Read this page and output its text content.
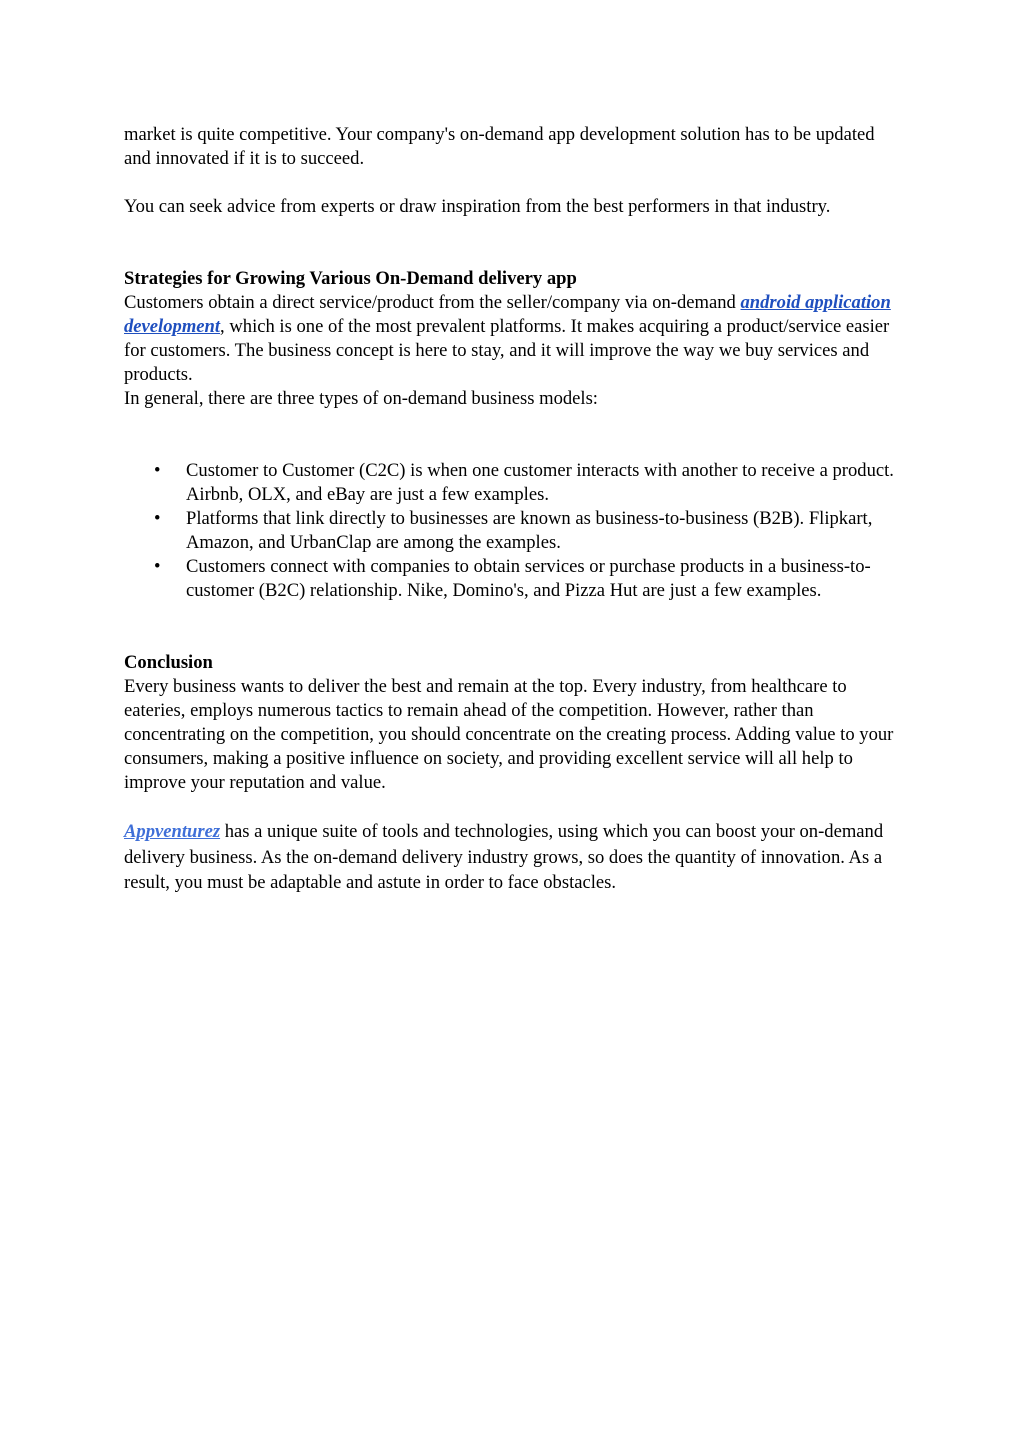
market is quite competitive. Your company's on-demand app development solution has to be updated and innovated if it is to succeed.

You can seek advice from experts or draw inspiration from the best performers in that industry.

Strategies for Growing Various On-Demand delivery app

Customers obtain a direct service/product from the seller/company via on-demand android application development, which is one of the most prevalent platforms. It makes acquiring a product/service easier for customers. The business concept is here to stay, and it will improve the way we buy services and products.

In general, there are three types of on-demand business models:

• Customer to Customer (C2C) is when one customer interacts with another to receive a product. Airbnb, OLX, and eBay are just a few examples.
• Platforms that link directly to businesses are known as business-to-business (B2B). Flipkart, Amazon, and UrbanClap are among the examples.
• Customers connect with companies to obtain services or purchase products in a business-to-customer (B2C) relationship. Nike, Domino's, and Pizza Hut are just a few examples.

Conclusion

Every business wants to deliver the best and remain at the top. Every industry, from healthcare to eateries, employs numerous tactics to remain ahead of the competition. However, rather than concentrating on the competition, you should concentrate on the creating process. Adding value to your consumers, making a positive influence on society, and providing excellent service will all help to improve your reputation and value.

Appventurez has a unique suite of tools and technologies, using which you can boost your on-demand delivery business. As the on-demand delivery industry grows, so does the quantity of innovation. As a result, you must be adaptable and astute in order to face obstacles.
